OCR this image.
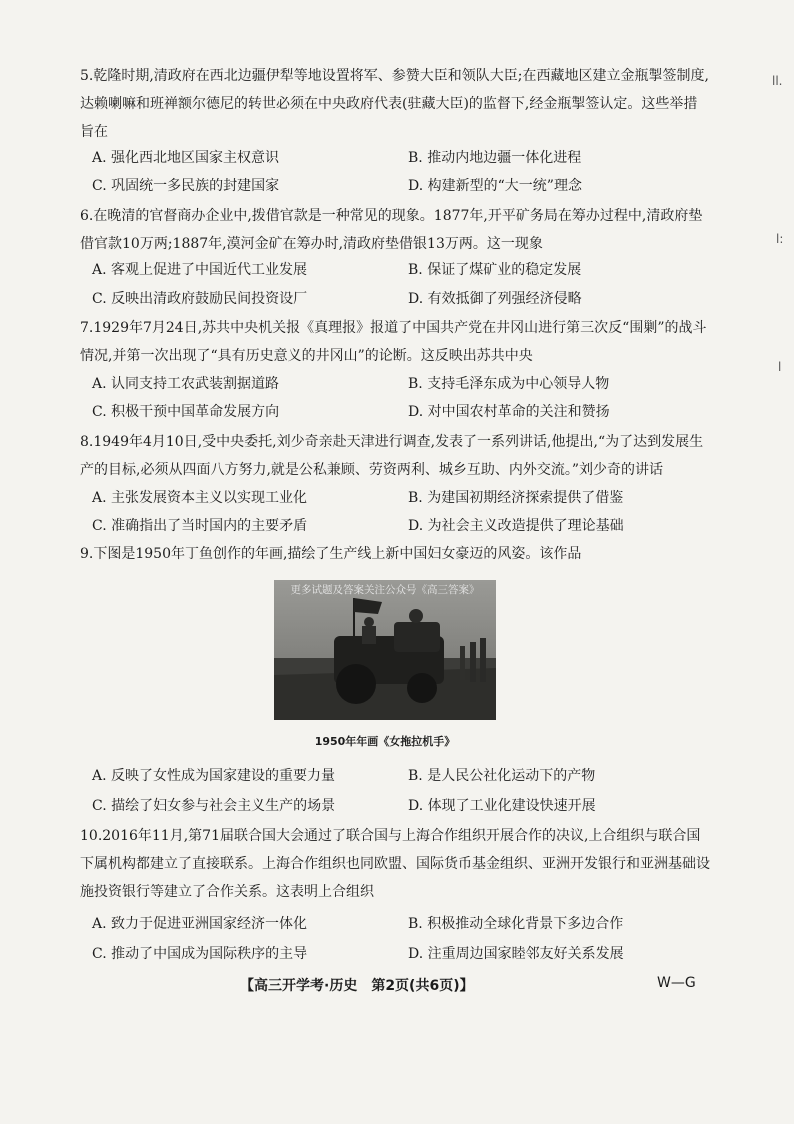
ll.
l:
l

5.乾隆时期,清政府在西北边疆伊犁等地设置将军、参赞大臣和领队大臣;在西藏地区建立金瓶掣签制度,达赖喇嘛和班禅额尔德尼的转世必须在中央政府代表(驻藏大臣)的监督下,经金瓶掣签认定。这些举措旨在

A. 强化西北地区国家主权意识	B. 推动内地边疆一体化进程
C. 巩固统一多民族的封建国家	D. 构建新型的“大一统”理念

6.在晚清的官督商办企业中,拨借官款是一种常见的现象。1877年,开平矿务局在筹办过程中,清政府垫借官款10万两;1887年,漠河金矿在筹办时,清政府垫借银13万两。这一现象

A. 客观上促进了中国近代工业发展	B. 保证了煤矿业的稳定发展
C. 反映出清政府鼓励民间投资设厂	D. 有效抵御了列强经济侵略

7.1929年7月24日,苏共中央机关报《真理报》报道了中国共产党在井冈山进行第三次反“围剿”的战斗情况,并第一次出现了“具有历史意义的井冈山”的论断。这反映出苏共中央

A. 认同支持工农武装割据道路	B. 支持毛泽东成为中心领导人物
C. 积极干预中国革命发展方向	D. 对中国农村革命的关注和赞扬

8.1949年4月10日,受中央委托,刘少奇亲赴天津进行调查,发表了一系列讲话,他提出,“为了达到发展生产的目标,必须从四面八方努力,就是公私兼顾、劳资两利、城乡互助、内外交流。”刘少奇的讲话

A. 主张发展资本主义以实现工业化	B. 为建国初期经济探索提供了借鉴
C. 准确指出了当时国内的主要矛盾	D. 为社会主义改造提供了理论基础

9.下图是1950年丁鱼创作的年画,描绘了生产线上新中国妇女豪迈的风姿。该作品

更多试题及答案关注公众号《高三答案》
1950年年画《女拖拉机手》
A. 反映了女性成为国家建设的重要力量	B. 是人民公社化运动下的产物
C. 描绘了妇女参与社会主义生产的场景	D. 体现了工业化建设快速开展

10.2016年11月,第71届联合国大会通过了联合国与上海合作组织开展合作的决议,上合组织与联合国下属机构都建立了直接联系。上海合作组织也同欧盟、国际货币基金组织、亚洲开发银行和亚洲基础设施投资银行等建立了合作关系。这表明上合组织

A. 致力于促进亚洲国家经济一体化	B. 积极推动全球化背景下多边合作
C. 推动了中国成为国际秩序的主导	D. 注重周边国家睦邻友好关系发展
【高三开学考·历史　第2页(共6页)】	W—G
